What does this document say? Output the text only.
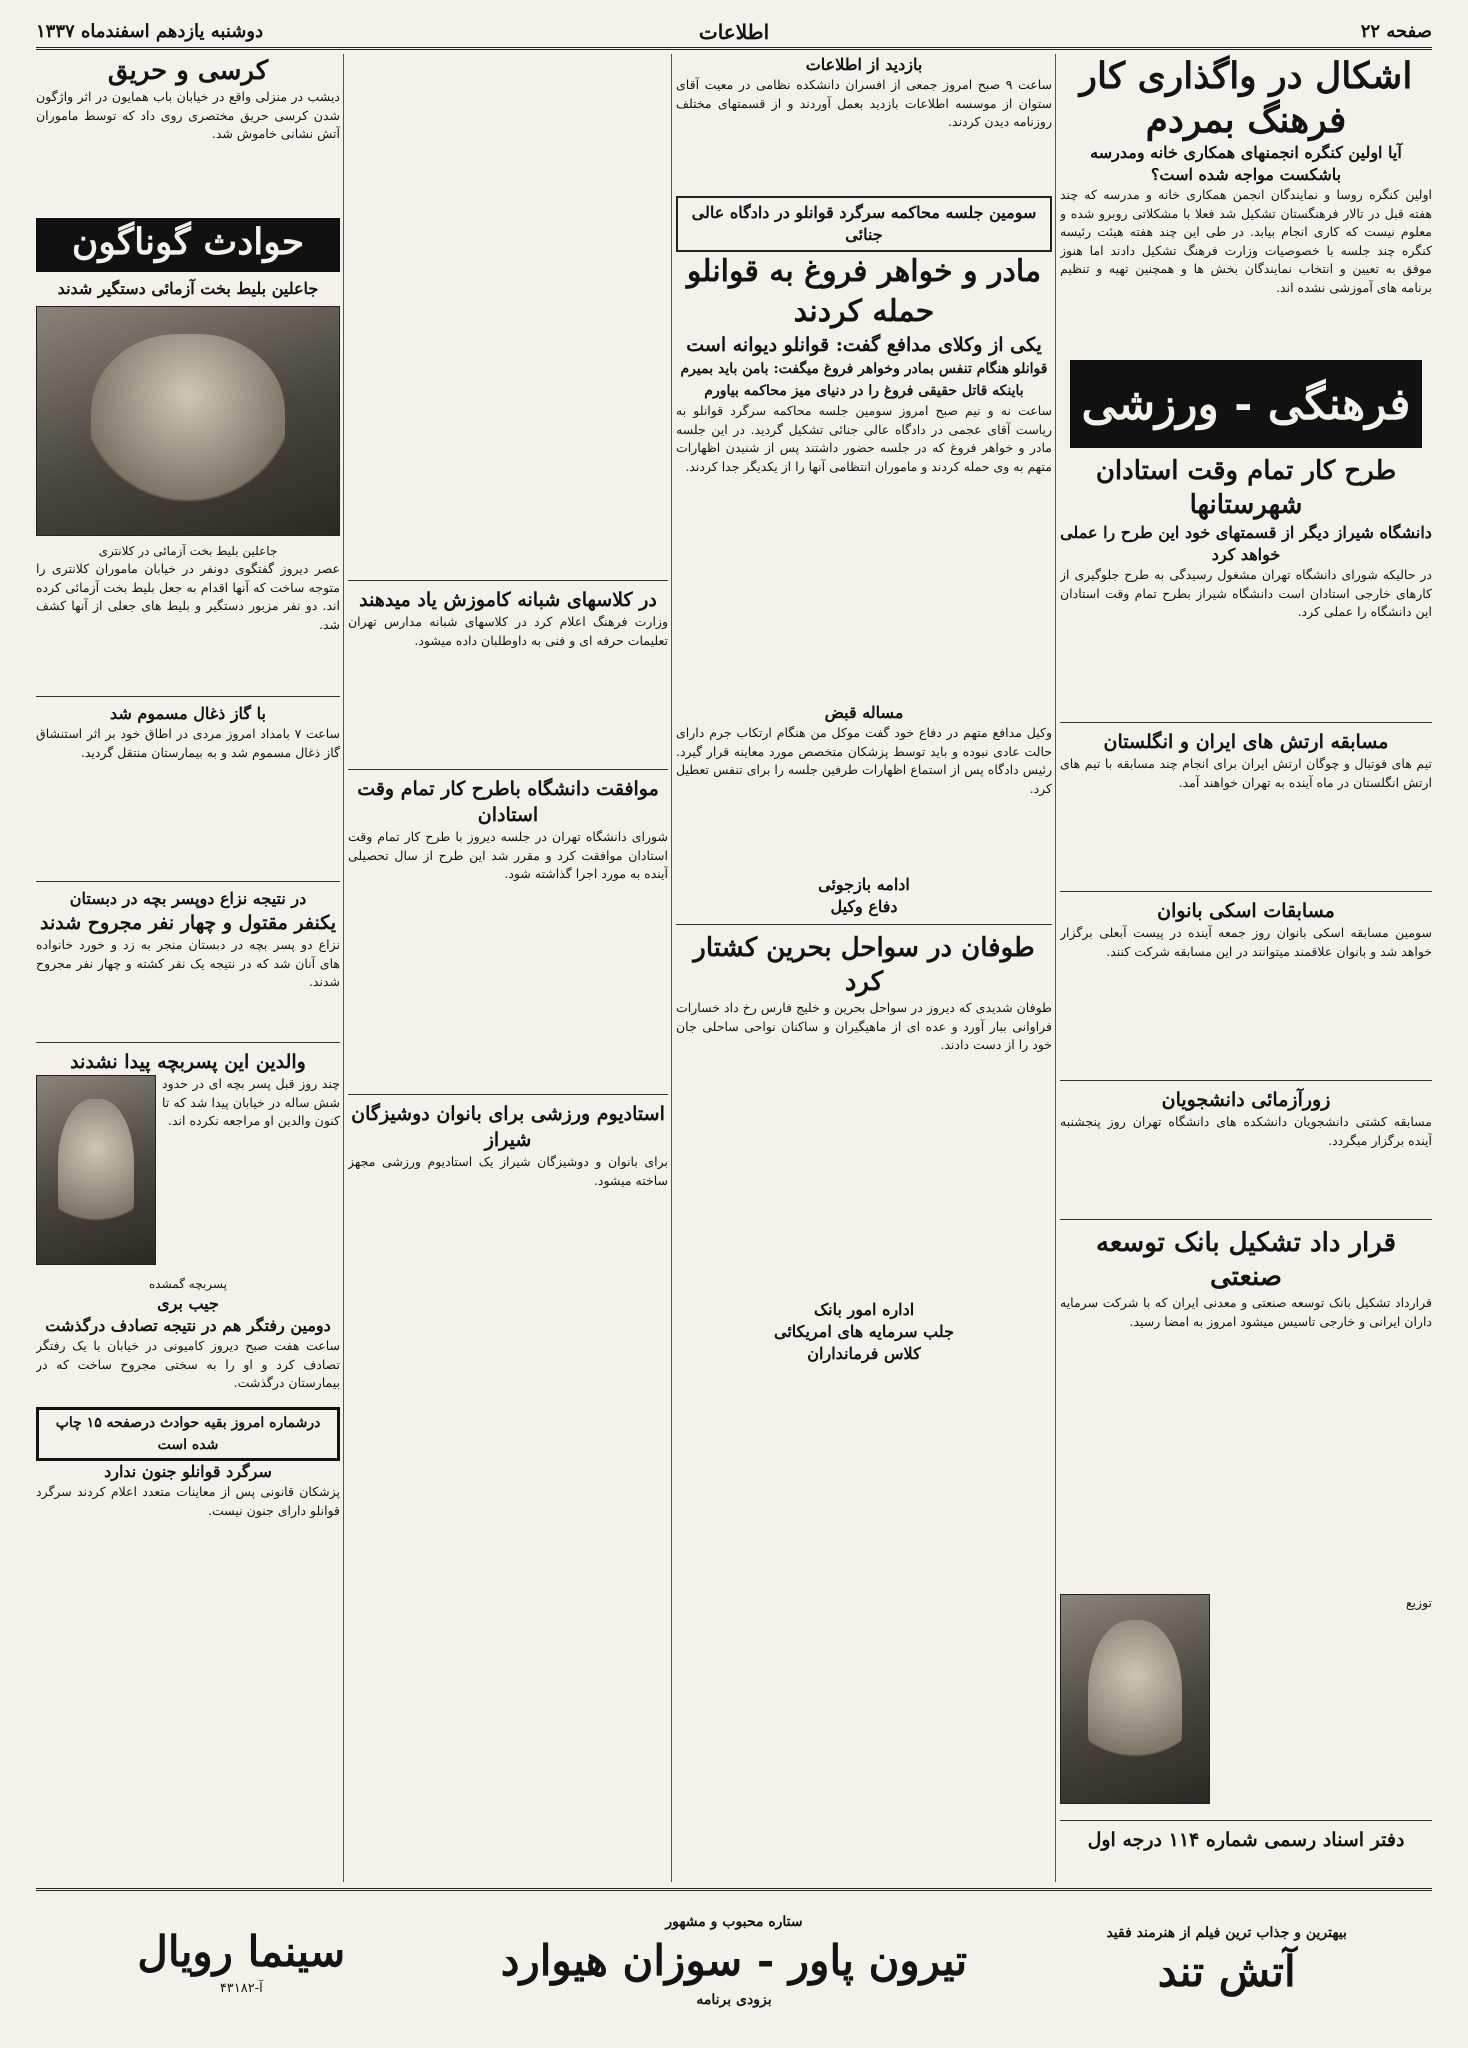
صفحه ۲۲
اطلاعات
دوشنبه یازدهم اسفندماه ۱۳۳۷
اشکال در واگذاری کار فرهنگ بمردم
آیا اولین کنگره انجمنهای همکاری خانه ومدرسه باشکست مواجه شده است؟
اولین کنگره روسا و نمایندگان انجمن همکاری خانه و مدرسه که چند هفته قبل در تالار فرهنگستان تشکیل شد فعلا با مشکلاتی روبرو شده و معلوم نیست که کاری انجام بیابد. در طی این چند هفته هیئت رئیسه کنگره چند جلسه با خصوصیات وزارت فرهنگ تشکیل دادند اما هنوز موفق به تعیین و انتخاب نمایندگان بخش ها و همچنین تهیه و تنظیم برنامه های آموزشی نشده اند.
فرهنگی - ورزشی
طرح کار تمام وقت استادان شهرستانها
دانشگاه شیراز دیگر از قسمتهای خود این طرح را عملی خواهد کرد
در حالیکه شورای دانشگاه تهران مشغول رسیدگی به طرح جلوگیری از کارهای خارجی استادان است دانشگاه شیراز بطرح تمام وقت استادان این دانشگاه را عملی کرد.
مسابقه ارتش های ایران و انگلستان
تیم های فوتبال و چوگان ارتش ایران برای انجام چند مسابقه با تیم های ارتش انگلستان در ماه آینده به تهران خواهند آمد.
مسابقات اسکی بانوان
سومین مسابقه اسکی بانوان روز جمعه آینده در پیست آبعلی برگزار خواهد شد و بانوان علاقمند میتوانند در این مسابقه شرکت کنند.
زورآزمائی دانشجویان
مسابقه کشتی دانشجویان دانشکده های دانشگاه تهران روز پنجشنبه آینده برگزار میگردد.
قرار داد تشکیل بانک توسعه صنعتی
قرارداد تشکیل بانک توسعه صنعتی و معدنی ایران که با شرکت سرمایه داران ایرانی و خارجی تاسیس میشود امروز به امضا رسید.
توزیع
دفتر اسناد رسمی شماره ۱۱۴ درجه اول
بازدید از اطلاعات
ساعت ۹ صبح امروز جمعی از افسران دانشکده نظامی در معیت آقای ستوان از موسسه اطلاعات بازدید بعمل آوردند و از قسمتهای مختلف روزنامه دیدن کردند.
سومین جلسه محاکمه سرگرد قوانلو در دادگاه عالی جنائی
مادر و خواهر فروغ به قوانلو حمله کردند
یکی از وکلای مدافع گفت: قوانلو دیوانه است
قوانلو هنگام تنفس بمادر وخواهر فروغ میگفت: بامن باید بمیرم باینکه قاتل حقیقی فروغ را در دنیای میز محاکمه بیاورم
ساعت نه و نیم صبح امروز سومین جلسه محاکمه سرگرد قوانلو به ریاست آقای عجمی در دادگاه عالی جنائی تشکیل گردید. در این جلسه مادر و خواهر فروغ که در جلسه حضور داشتند پس از شنیدن اظهارات متهم به وی حمله کردند و ماموران انتظامی آنها را از یکدیگر جدا کردند.
مساله قبض
وکیل مدافع متهم در دفاع خود گفت موکل من هنگام ارتکاب جرم دارای حالت عادی نبوده و باید توسط پزشکان متخصص مورد معاینه قرار گیرد. رئیس دادگاه پس از استماع اظهارات طرفین جلسه را برای تنفس تعطیل کرد.
ادامه بازجوئی
دفاع وکیل
طوفان در سواحل بحرین کشتار کرد
طوفان شدیدی که دیروز در سواحل بحرین و خلیج فارس رخ داد خسارات فراوانی ببار آورد و عده ای از ماهیگیران و ساکنان نواحی ساحلی جان خود را از دست دادند.
اداره امور بانک
جلب سرمایه های امریکائی
کلاس فرمانداران
در کلاسهای شبانه کاموزش یاد میدهند
وزارت فرهنگ اعلام کرد در کلاسهای شبانه مدارس تهران تعلیمات حرفه ای و فنی به داوطلبان داده میشود.
موافقت دانشگاه باطرح کار تمام وقت استادان
شورای دانشگاه تهران در جلسه دیروز با طرح کار تمام وقت استادان موافقت کرد و مقرر شد این طرح از سال تحصیلی آینده به مورد اجرا گذاشته شود.
استادیوم ورزشی برای بانوان دوشیزگان شیراز
برای بانوان و دوشیزگان شیراز یک استادیوم ورزشی مجهز ساخته میشود.
کرسی و حریق
دیشب در منزلی واقع در خیابان باب همایون در اثر واژگون شدن کرسی حریق مختصری روی داد که توسط ماموران آتش نشانی خاموش شد.
حوادث گوناگون
جاعلین بلیط بخت آزمائی دستگیر شدند
جاعلین بلیط بخت آزمائی در کلانتری
عصر دیروز گفتگوی دونفر در خیابان ماموران کلانتری را متوجه ساخت که آنها اقدام به جعل بلیط بخت آزمائی کرده اند. دو نفر مزبور دستگیر و بلیط های جعلی از آنها کشف شد.
با گاز ذغال مسموم شد
ساعت ۷ بامداد امروز مردی در اطاق خود بر اثر استنشاق گاز ذغال مسموم شد و به بیمارستان منتقل گردید.
در نتیجه نزاع دوپسر بچه در دبستان
یکنفر مقتول و چهار نفر مجروح شدند
نزاع دو پسر بچه در دبستان منجر به زد و خورد خانواده های آنان شد که در نتیجه یک نفر کشته و چهار نفر مجروح شدند.
والدین این پسربچه پیدا نشدند
چند روز قبل پسر بچه ای در حدود شش ساله در خیابان پیدا شد که تا کنون والدین او مراجعه نکرده اند.
پسربچه گمشده
جیب بری
دومین رفتگر هم در نتیجه تصادف درگذشت
ساعت هفت صبح دیروز کامیونی در خیابان با یک رفتگر تصادف کرد و او را به سختی مجروح ساخت که در بیمارستان درگذشت.
درشماره امروز بقیه حوادث درصفحه ۱۵ چاپ شده است
سرگرد قوانلو جنون ندارد
پزشکان قانونی پس از معاینات متعدد اعلام کردند سرگرد قوانلو دارای جنون نیست.
بیهترین و جذاب ترین فیلم از هنرمند فقید
آتش تند
ستاره محبوب و مشهور
تیرون پاور - سوزان هیوارد
بزودی برنامه
سینما رویال
آ-۴۳۱۸۲
